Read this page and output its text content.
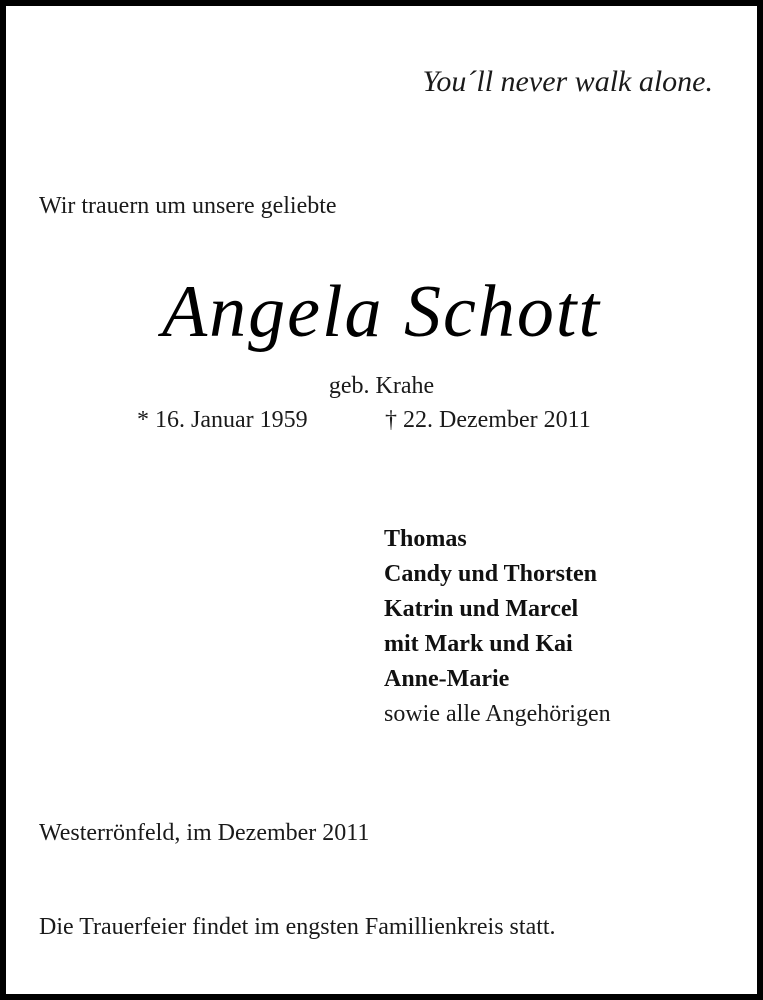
You´ll never walk alone.
Wir trauern um unsere geliebte
Angela Schott
geb. Krahe
* 16. Januar 1959	† 22. Dezember 2011
Thomas
Candy und Thorsten
Katrin und Marcel
mit Mark und Kai
Anne-Marie
sowie alle Angehörigen
Westerrönfeld, im Dezember 2011
Die Trauerfeier findet im engsten Famillienkreis statt.
